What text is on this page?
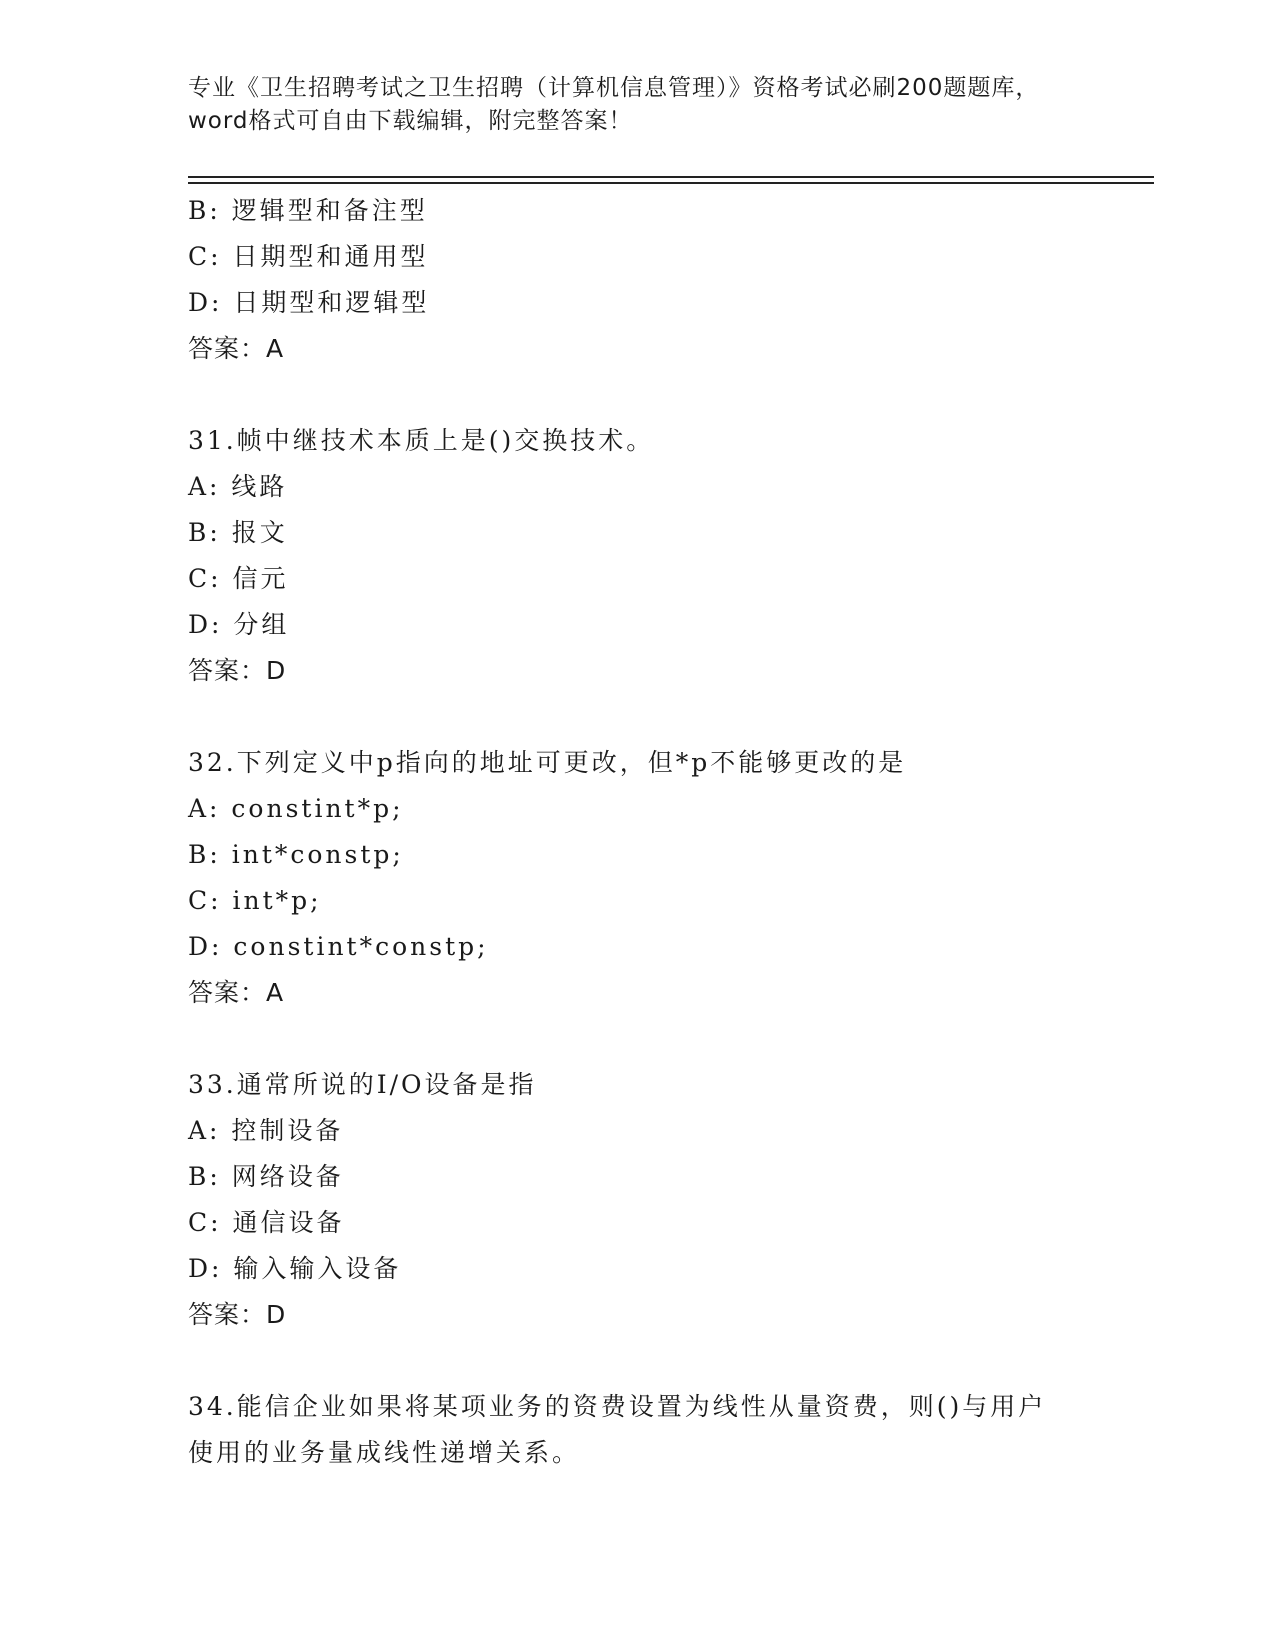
专业《卫生招聘考试之卫生招聘（计算机信息管理）》资格考试必刷200题题库，
word格式可自由下载编辑，附完整答案！
B: 逻辑型和备注型
C: 日期型和通用型
D: 日期型和逻辑型
答案：A
31.帧中继技术本质上是()交换技术。
A: 线路
B: 报文
C: 信元
D: 分组
答案：D
32.下列定义中p指向的地址可更改，但*p不能够更改的是
A: constint*p;
B: int*constp;
C: int*p;
D: constint*constp;
答案：A
33.通常所说的I/O设备是指
A: 控制设备
B: 网络设备
C: 通信设备
D: 输入输入设备
答案：D
34.能信企业如果将某项业务的资费设置为线性从量资费，则()与用户
使用的业务量成线性递增关系。
